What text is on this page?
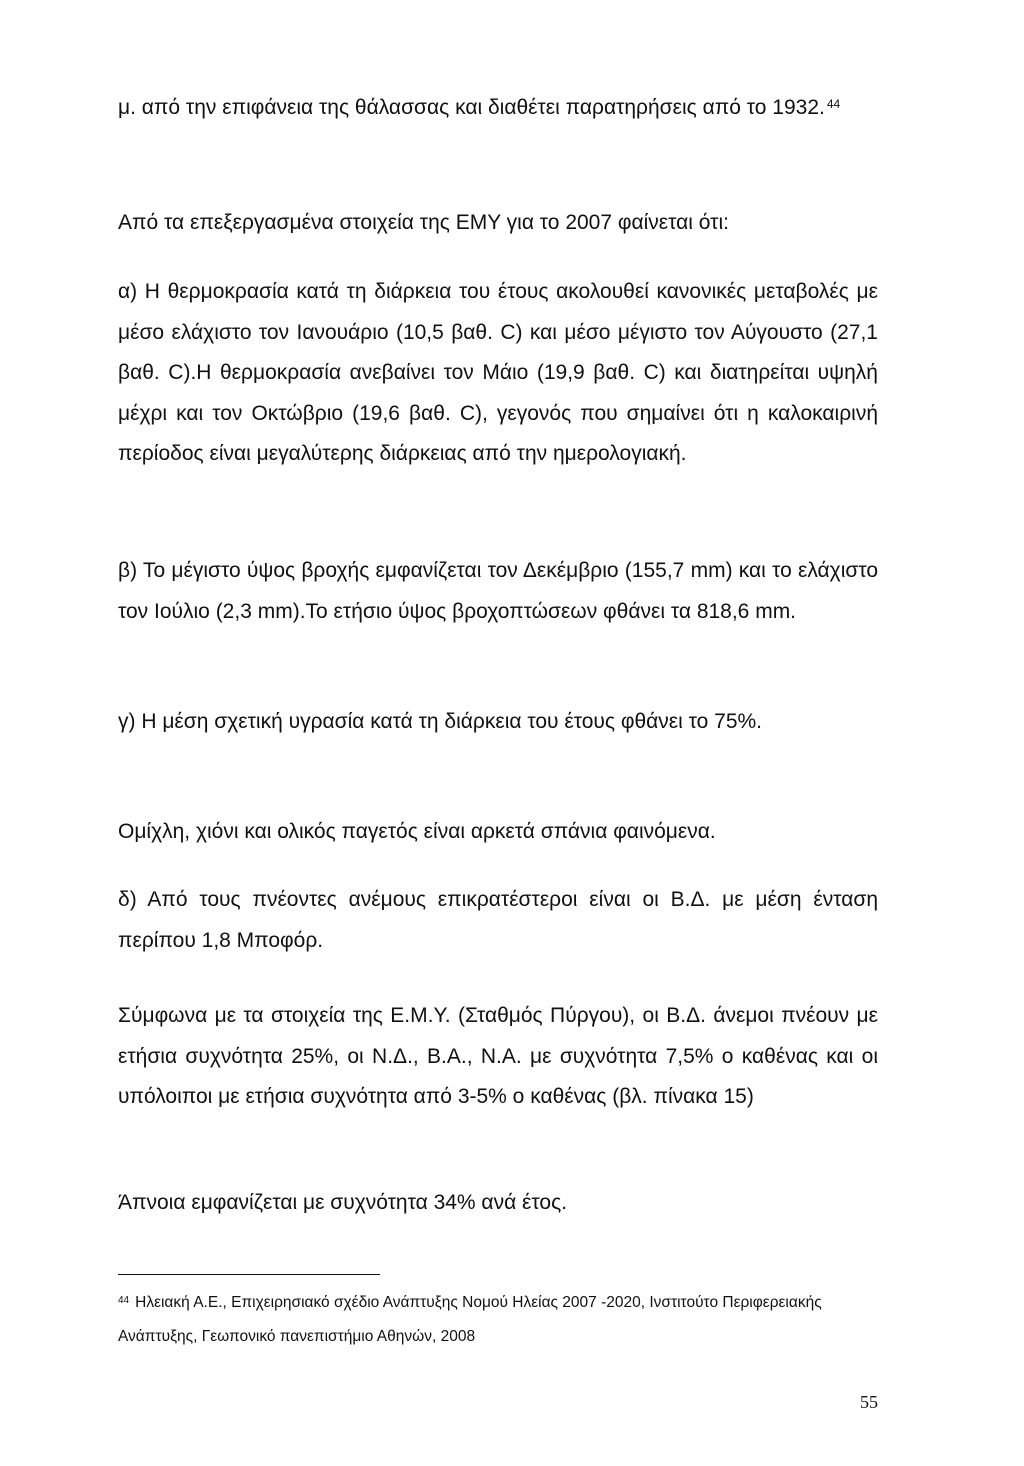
μ. από την επιφάνεια της θάλασσας και διαθέτει παρατηρήσεις από το 1932. $^{44}$

Από τα επεξεργασμένα στοιχεία της ΕΜΥ για το 2007 φαίνεται ότι:

α) Η θερμοκρασία κατά τη διάρκεια του έτους ακολουθεί κανονικές μεταβολές με μέσο ελάχιστο τον Ιανουάριο (10,5 βαθ. C) και μέσο μέγιστο τον Αύγουστο (27,1 βαθ. C).Η θερμοκρασία ανεβαίνει τον Μάιο (19,9 βαθ. C) και διατηρείται υψηλή μέχρι και τον Οκτώβριο (19,6 βαθ. C), γεγονός που σημαίνει ότι η καλοκαιρινή περίοδος είναι μεγαλύτερης διάρκειας από την ημερολογιακή.

β) Το μέγιστο ύψος βροχής εμφανίζεται τον Δεκέμβριο (155,7 mm) και το ελάχιστο τον Ιούλιο (2,3 mm).Το ετήσιο ύψος βροχοπτώσεων φθάνει τα 818,6 mm.

γ) Η μέση σχετική υγρασία κατά τη διάρκεια του έτους φθάνει το 75%.

Ομίχλη, χιόνι και ολικός παγετός είναι αρκετά σπάνια φαινόμενα.

δ) Από τους πνέοντες ανέμους επικρατέστεροι είναι οι Β.Δ. με μέση ένταση περίπου 1,8 Μποφόρ.

Σύμφωνα με τα στοιχεία της Ε.Μ.Υ. (Σταθμός Πύργου), οι Β.Δ. άνεμοι πνέουν με ετήσια συχνότητα 25%, οι Ν.Δ., Β.Α., Ν.Α. με συχνότητα 7,5% ο καθένας και οι υπόλοιποι με ετήσια συχνότητα από 3-5% ο καθένας (βλ. πίνακα 15)

Άπνοια εμφανίζεται με συχνότητα 34% ανά έτος.

$^{44}$ Ηλειακή Α.Ε., Επιχειρησιακό σχέδιο Ανάπτυξης Νομού Ηλείας 2007 -2020, Ινστιτούτο Περιφερειακής Ανάπτυξης, Γεωπονικό πανεπιστήμιο Αθηνών, 2008
55
